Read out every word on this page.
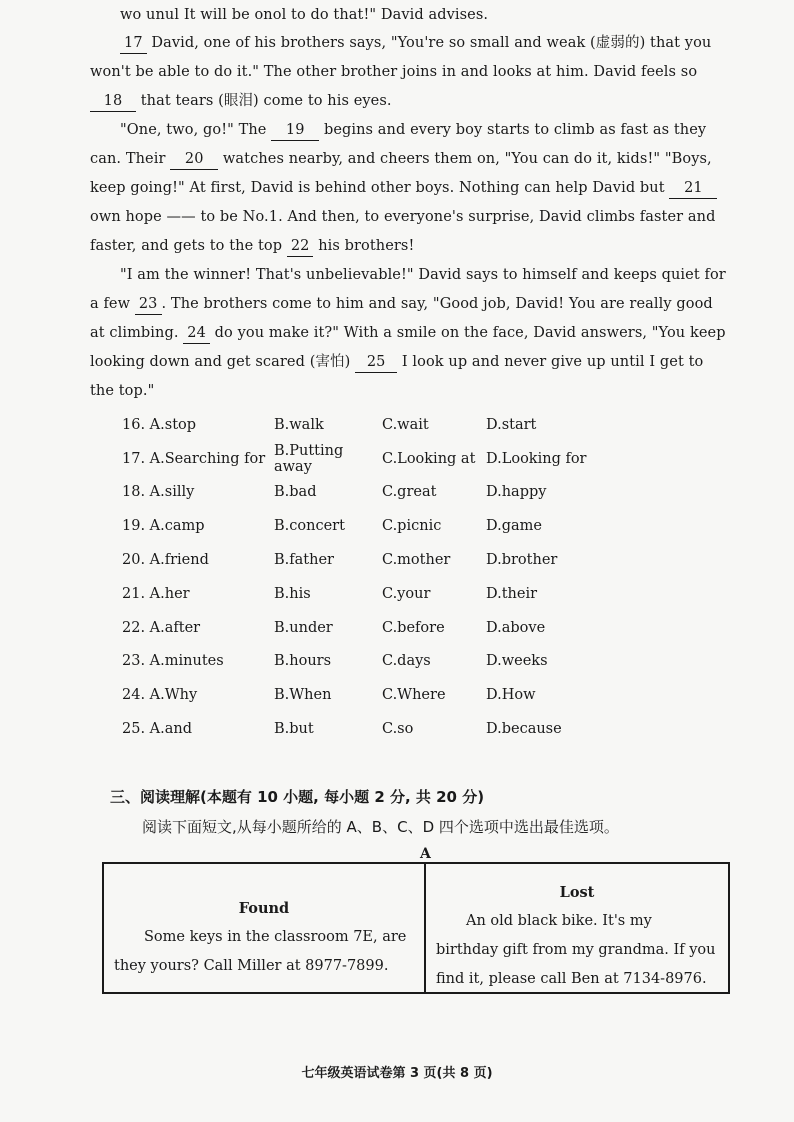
wo unul It will be onol to do that!" David advises.
17 David, one of his brothers says, "You're so small and weak (虚弱的) that you won't be able to do it." The other brother joins in and looks at him. David feels so 18 that tears (眼泪) come to his eyes.
"One, two, go!" The 19 begins and every boy starts to climb as fast as they can. Their 20 watches nearby, and cheers them on, "You can do it, kids!" "Boys, keep going!" At first, David is behind other boys. Nothing can help David but 21 own hope —— to be No.1. And then, to everyone's surprise, David climbs faster and faster, and gets to the top 22 his brothers!
"I am the winner! That's unbelievable!" David says to himself and keeps quiet for a few 23 . The brothers come to him and say, "Good job, David! You are really good at climbing. 24 do you make it?" With a smile on the face, David answers, "You keep looking down and get scared (害怕) 25 I look up and never give up until I get to the top."
16. A.stop	B.walk	C.wait	D.start
17. A.Searching for B.Putting away	C.Looking at D.Looking for
18. A.silly	B.bad	C.great	D.happy
19. A.camp	B.concert	C.picnic	D.game
20. A.friend	B.father	C.mother	D.brother
21. A.her	B.his	C.your	D.their
22. A.after	B.under	C.before	D.above
23. A.minutes	B.hours	C.days	D.weeks
24. A.Why	B.When	C.Where	D.How
25. A.and	B.but	C.so	D.because
三、阅读理解(本题有 10 小题, 每小题 2 分, 共 20 分)
阅读下面短文,从每小题所给的 A、B、C、D 四个选项中选出最佳选项。
A
Found
Some keys in the classroom 7E, are they yours? Call Miller at 8977-7899.
Lost
An old black bike. It's my birthday gift from my grandma. If you find it, please call Ben at 7134-8976.
七年级英语试卷第 3 页(共 8 页)
